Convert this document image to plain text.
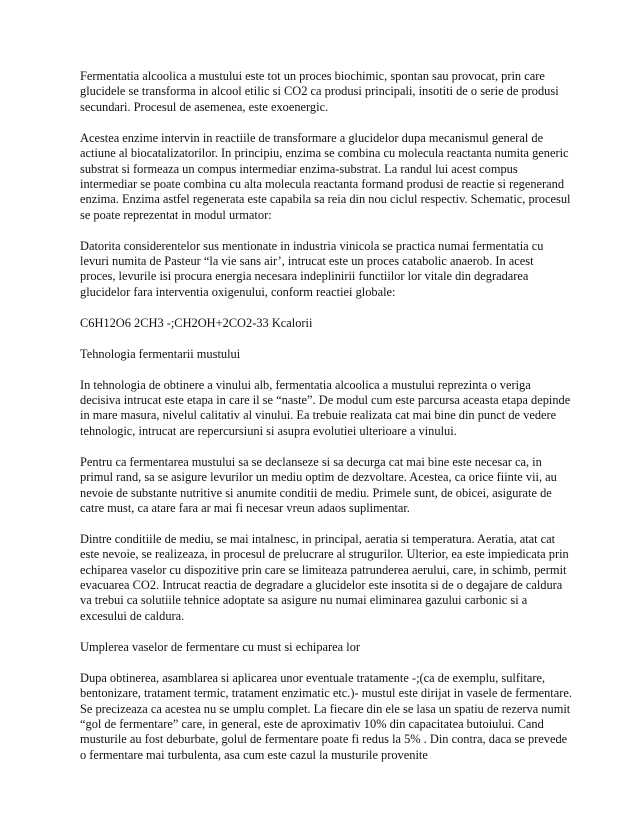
Fermentatia alcoolica a mustului este tot un proces biochimic, spontan sau provocat, prin care glucidele se transforma in alcool etilic si CO2 ca produsi principali, insotiti de o serie de produsi secundari. Procesul de asemenea, este exoenergic.

Acestea enzime intervin in reactiile de transformare a glucidelor dupa mecanismul general de actiune al biocatalizatorilor. In principiu, enzima se combina cu molecula reactanta numita generic substrat si formeaza un compus intermediar enzima-substrat. La randul lui acest compus intermediar se poate combina cu alta molecula reactanta formand produsi de reactie si regenerand enzima. Enzima astfel regenerata este capabila sa reia din nou ciclul respectiv. Schematic, procesul se poate reprezentat in modul urmator:

Datorita considerentelor sus mentionate in industria vinicola se practica numai fermentatia cu levuri numita de Pasteur “la vie sans air’, intrucat este un proces catabolic anaerob. In acest proces, levurile isi procura energia necesara indeplinirii functiilor lor vitale din degradarea glucidelor fara interventia oxigenului, conform reactiei globale:

C6H12O6 2CH3 -;CH2OH+2CO2-33 Kcalorii

Tehnologia fermentarii mustului

In tehnologia de obtinere a vinului alb, fermentatia alcoolica a mustului reprezinta o veriga decisiva intrucat este etapa in care il se “naste”. De modul cum este parcursa aceasta etapa depinde in mare masura, nivelul calitativ al vinului. Ea trebuie realizata cat mai bine din punct de vedere tehnologic, intrucat are repercursiuni si asupra evolutiei ulterioare a vinului.

Pentru ca fermentarea mustului sa se declanseze si sa decurga cat mai bine este necesar ca, in primul rand, sa se asigure levurilor un mediu optim de dezvoltare. Acestea, ca orice fiinte vii, au nevoie de substante nutritive si anumite conditii de mediu. Primele sunt, de obicei, asigurate de catre must, ca atare fara ar mai fi necesar vreun adaos suplimentar.

Dintre conditiile de mediu, se mai intalnesc, in principal, aeratia si temperatura. Aeratia, atat cat este nevoie, se realizeaza, in procesul de prelucrare al strugurilor. Ulterior, ea este impiedicata prin echiparea vaselor cu dispozitive prin care se limiteaza patrunderea aerului, care, in schimb, permit evacuarea CO2. Intrucat reactia de degradare a glucidelor este insotita si de o degajare de caldura va trebui ca solutiile tehnice adoptate sa asigure nu numai eliminarea gazului carbonic si a excesului de caldura.

Umplerea vaselor de fermentare cu must si echiparea lor

Dupa obtinerea, asamblarea si aplicarea unor eventuale tratamente -;(ca de exemplu, sulfitare, bentonizare, tratament termic, tratament enzimatic etc.)- mustul este dirijat in vasele de fermentare. Se precizeaza ca acestea nu se umplu complet. La fiecare din ele se lasa un spatiu de rezerva numit “gol de fermentare” care, in general, este de aproximativ 10% din capacitatea butoiului. Cand musturile au fost deburbate, golul de fermentare poate fi redus la 5% . Din contra, daca se prevede o fermentare mai turbulenta, asa cum este cazul la musturile provenite
